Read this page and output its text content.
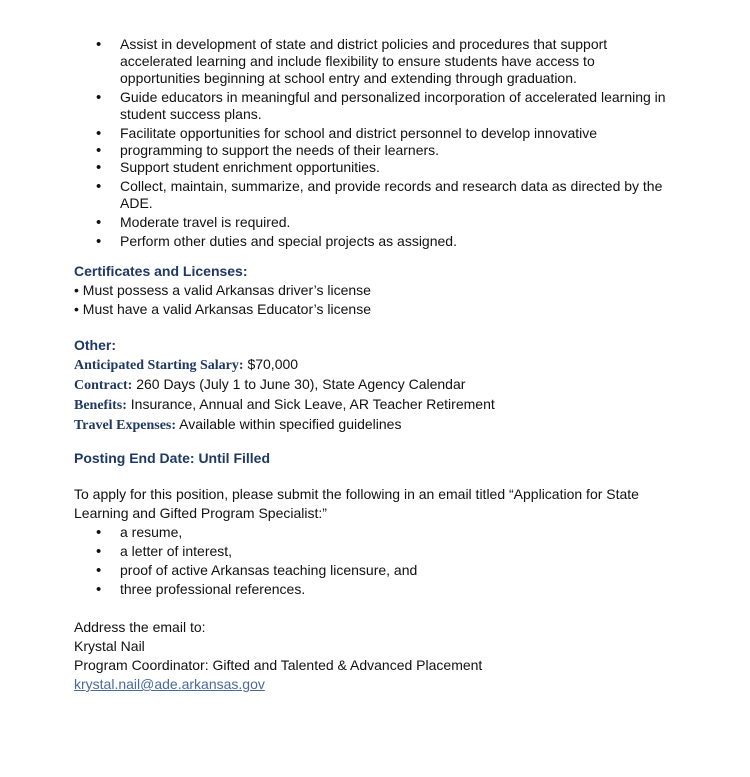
• Assist in development of state and district policies and procedures that support accelerated learning and include flexibility to ensure students have access to opportunities beginning at school entry and extending through graduation.
• Guide educators in meaningful and personalized incorporation of accelerated learning in student success plans.
• Facilitate opportunities for school and district personnel to develop innovative
• programming to support the needs of their learners.
• Support student enrichment opportunities.
• Collect, maintain, summarize, and provide records and research data as directed by the ADE.
• Moderate travel is required.
• Perform other duties and special projects as assigned.
Certificates and Licenses:
• Must possess a valid Arkansas driver’s license
• Must have a valid Arkansas Educator’s license
Other:
Anticipated Starting Salary: $70,000
Contract: 260 Days (July 1 to June 30), State Agency Calendar
Benefits: Insurance, Annual and Sick Leave, AR Teacher Retirement
Travel Expenses: Available within specified guidelines
Posting End Date: Until Filled
To apply for this position, please submit the following in an email titled “Application for State Learning and Gifted Program Specialist:”
• a resume,
• a letter of interest,
• proof of active Arkansas teaching licensure, and
• three professional references.
Address the email to:
Krystal Nail
Program Coordinator: Gifted and Talented & Advanced Placement
krystal.nail@ade.arkansas.gov
